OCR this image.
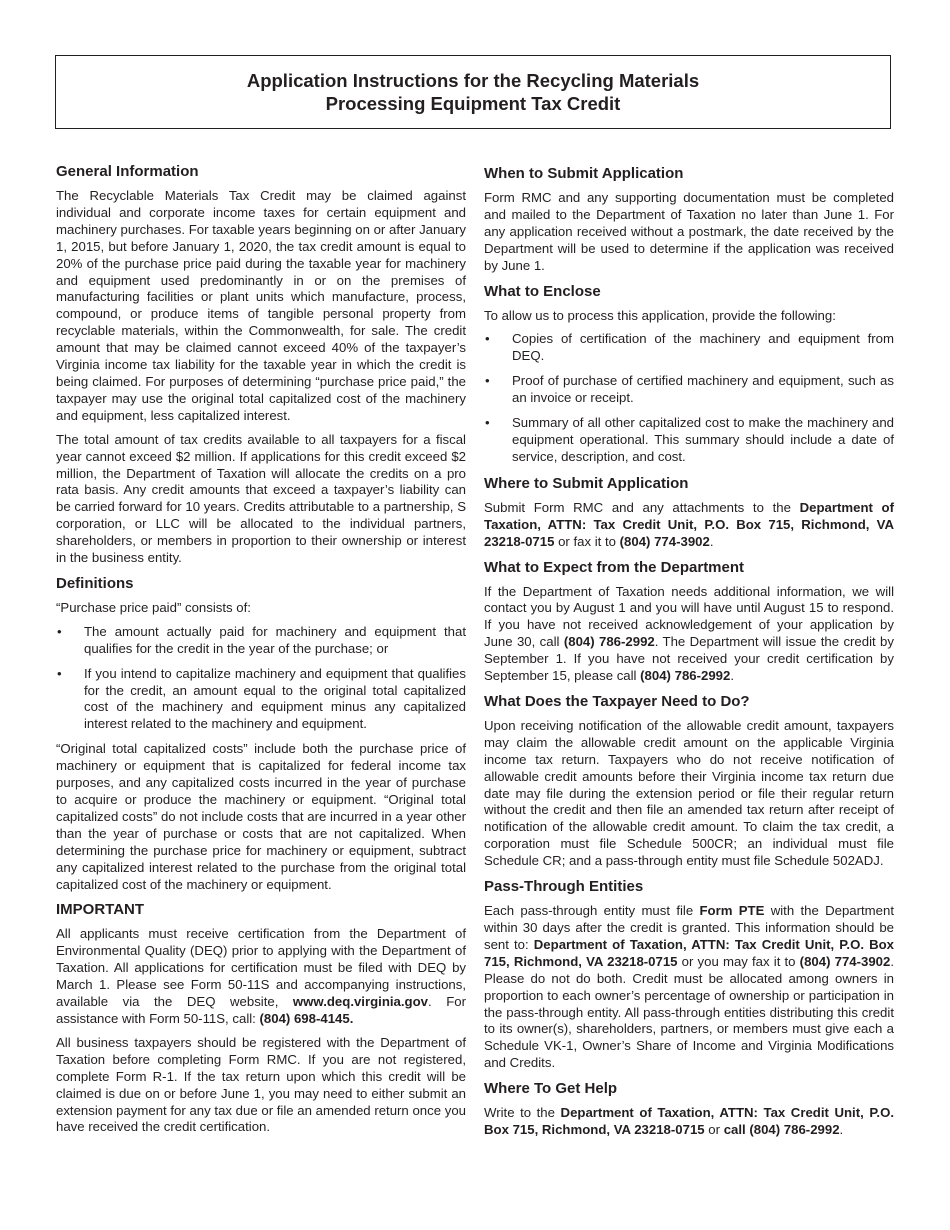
Application Instructions for the Recycling Materials
Processing Equipment Tax Credit
General Information

The Recyclable Materials Tax Credit may be claimed against individual and corporate income taxes for certain equipment and machinery purchases. For taxable years beginning on or after January 1, 2015, but before January 1, 2020, the tax credit amount is equal to 20% of the purchase price paid during the taxable year for machinery and equipment used predominantly in or on the premises of manufacturing facilities or plant units which manufacture, process, compound, or produce items of tangible personal property from recyclable materials, within the Commonwealth, for sale. The credit amount that may be claimed cannot exceed 40% of the taxpayer’s Virginia income tax liability for the taxable year in which the credit is being claimed. For purposes of determining “purchase price paid,” the taxpayer may use the original total capitalized cost of the machinery and equipment, less capitalized interest.

The total amount of tax credits available to all taxpayers for a fiscal year cannot exceed $2 million. If applications for this credit exceed $2 million, the Department of Taxation will allocate the credits on a pro rata basis. Any credit amounts that exceed a taxpayer’s liability can be carried forward for 10 years. Credits attributable to a partnership, S corporation, or LLC will be allocated to the individual partners, shareholders, or members in proportion to their ownership or interest in the business entity.

Definitions

“Purchase price paid” consists of:

• The amount actually paid for machinery and equipment that qualifies for the credit in the year of the purchase; or
• If you intend to capitalize machinery and equipment that qualifies for the credit, an amount equal to the original total capitalized cost of the machinery and equipment minus any capitalized interest related to the machinery and equipment.

“Original total capitalized costs” include both the purchase price of machinery or equipment that is capitalized for federal income tax purposes, and any capitalized costs incurred in the year of purchase to acquire or produce the machinery or equipment. “Original total capitalized costs” do not include costs that are incurred in a year other than the year of purchase or costs that are not capitalized. When determining the purchase price for machinery or equipment, subtract any capitalized interest related to the purchase from the original total capitalized cost of the machinery or equipment.

IMPORTANT

All applicants must receive certification from the Department of Environmental Quality (DEQ) prior to applying with the Department of Taxation. All applications for certification must be filed with DEQ by March 1. Please see Form 50-11S and accompanying instructions, available via the DEQ website, www.deq.virginia.gov. For assistance with Form 50-11S, call: (804) 698-4145.

All business taxpayers should be registered with the Department of Taxation before completing Form RMC. If you are not registered, complete Form R-1. If the tax return upon which this credit will be claimed is due on or before June 1, you may need to either submit an extension payment for any tax due or file an amended return once you have received the credit certification.

When to Submit Application

Form RMC and any supporting documentation must be completed and mailed to the Department of Taxation no later than June 1. For any application received without a postmark, the date received by the Department will be used to determine if the application was received by June 1.

What to Enclose

To allow us to process this application, provide the following:

• Copies of certification of the machinery and equipment from DEQ.
• Proof of purchase of certified machinery and equipment, such as an invoice or receipt.
• Summary of all other capitalized cost to make the machinery and equipment operational. This summary should include a date of service, description, and cost.
Where to Submit Application

Submit Form RMC and any attachments to the Department of Taxation, ATTN: Tax Credit Unit, P.O. Box 715, Richmond, VA 23218-0715 or fax it to (804) 774-3902.

What to Expect from the Department

If the Department of Taxation needs additional information, we will contact you by August 1 and you will have until August 15 to respond. If you have not received acknowledgement of your application by June 30, call (804) 786-2992. The Department will issue the credit by September 1. If you have not received your credit certification by September 15, please call (804) 786-2992.

What Does the Taxpayer Need to Do?

Upon receiving notification of the allowable credit amount, taxpayers may claim the allowable credit amount on the applicable Virginia income tax return. Taxpayers who do not receive notification of allowable credit amounts before their Virginia income tax return due date may file during the extension period or file their regular return without the credit and then file an amended tax return after receipt of notification of the allowable credit amount. To claim the tax credit, a corporation must file Schedule 500CR; an individual must file Schedule CR; and a pass-through entity must file Schedule 502ADJ.

Pass-Through Entities

Each pass-through entity must file Form PTE with the Department within 30 days after the credit is granted. This information should be sent to: Department of Taxation, ATTN: Tax Credit Unit, P.O. Box 715, Richmond, VA 23218-0715 or you may fax it to (804) 774-3902. Please do not do both. Credit must be allocated among owners in proportion to each owner’s percentage of ownership or participation in the pass-through entity. All pass-through entities distributing this credit to its owner(s), shareholders, partners, or members must give each a Schedule VK-1, Owner’s Share of Income and Virginia Modifications and Credits.

Where To Get Help

Write to the Department of Taxation, ATTN: Tax Credit Unit, P.O. Box 715, Richmond, VA 23218-0715 or call (804) 786-2992.
